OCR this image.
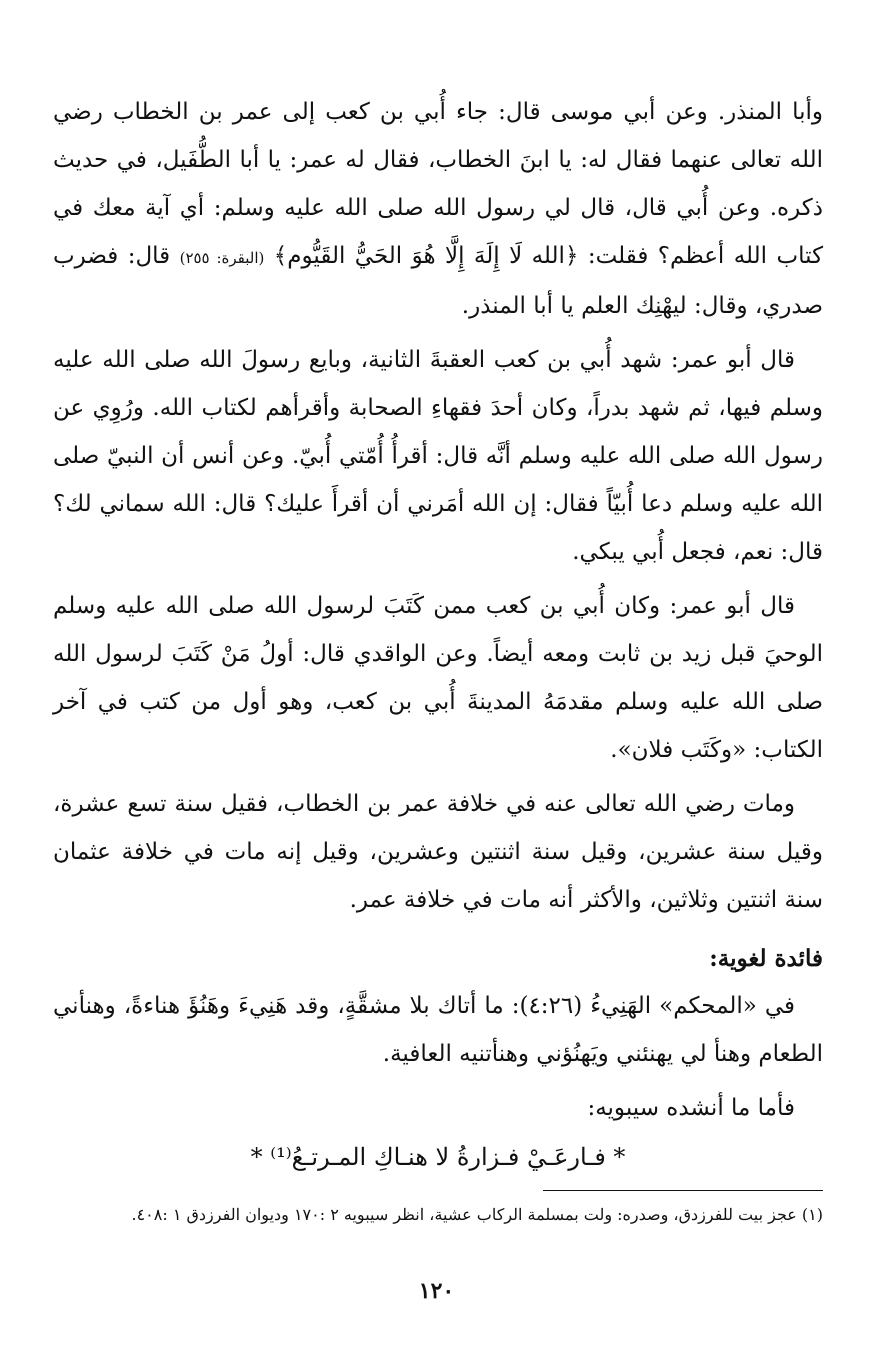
وأبا المنذر. وعن أبي موسى قال: جاء أُبي بن كعب إلى عمر بن الخطاب رضي الله تعالى عنهما فقال له: يا ابنَ الخطاب، فقال له عمر: يا أبا الطُّفَيل، في حديث ذكره. وعن أُبي قال، قال لي رسول الله صلى الله عليه وسلم: أي آية معك في كتاب الله أعظم؟ فقلت: ﴿الله لَا إِلَهَ إِلَّا هُوَ الحَيُّ القَيُّوم﴾ (البقرة: ٢٥٥) قال: فضرب صدري، وقال: ليهْنِك العلم يا أبا المنذر.

قال أبو عمر: شهد أُبي بن كعب العقبةَ الثانية، وبايع رسولَ الله صلى الله عليه وسلم فيها، ثم شهد بدراً، وكان أحدَ فقهاءِ الصحابة وأقرأهم لكتاب الله. ورُوِي عن رسول الله صلى الله عليه وسلم أنَّه قال: أقرأُ أُمّتي أُبيّ. وعن أنس أن النبيّ صلى الله عليه وسلم دعا أُبيّاً فقال: إن الله أمَرني أن أقرأَ عليك؟ قال: الله سماني لك؟ قال: نعم، فجعل أُبي يبكي.

قال أبو عمر: وكان أُبي بن كعب ممن كَتَبَ لرسول الله صلى الله عليه وسلم الوحيَ قبل زيد بن ثابت ومعه أيضاً. وعن الواقدي قال: أولُ مَنْ كَتَبَ لرسول الله صلى الله عليه وسلم مقدمَهُ المدينةَ أُبي بن كعب، وهو أول من كتب في آخر الكتاب: «وكَتَب فلان».

ومات رضي الله تعالى عنه في خلافة عمر بن الخطاب، فقيل سنة تسع عشرة، وقيل سنة عشرين، وقيل سنة اثنتين وعشرين، وقيل إنه مات في خلافة عثمان سنة اثنتين وثلاثين، والأكثر أنه مات في خلافة عمر.

فائدة لغوية:

في «المحكم» الهَنِيءُ (٤:٢٦): ما أتاك بلا مشقَّةٍ، وقد هَنِيءَ وهَنُؤَ هناءةً، وهنأني الطعام وهنأ لي يهنئني ويَهنُؤني وهنأتنيه العافية.

فأما ما أنشده سيبويه:

* فـارعَـيْ فـزارةُ لا هنـاكِ المـرتـعُ⁽¹⁾ *

(١) عجز بيت للفرزدق، وصدره: ولت بمسلمة الركاب عشية، انظر سيبويه ٢ :١٧٠ وديوان الفرزدق ١ :٤٠٨.

١٢٠
